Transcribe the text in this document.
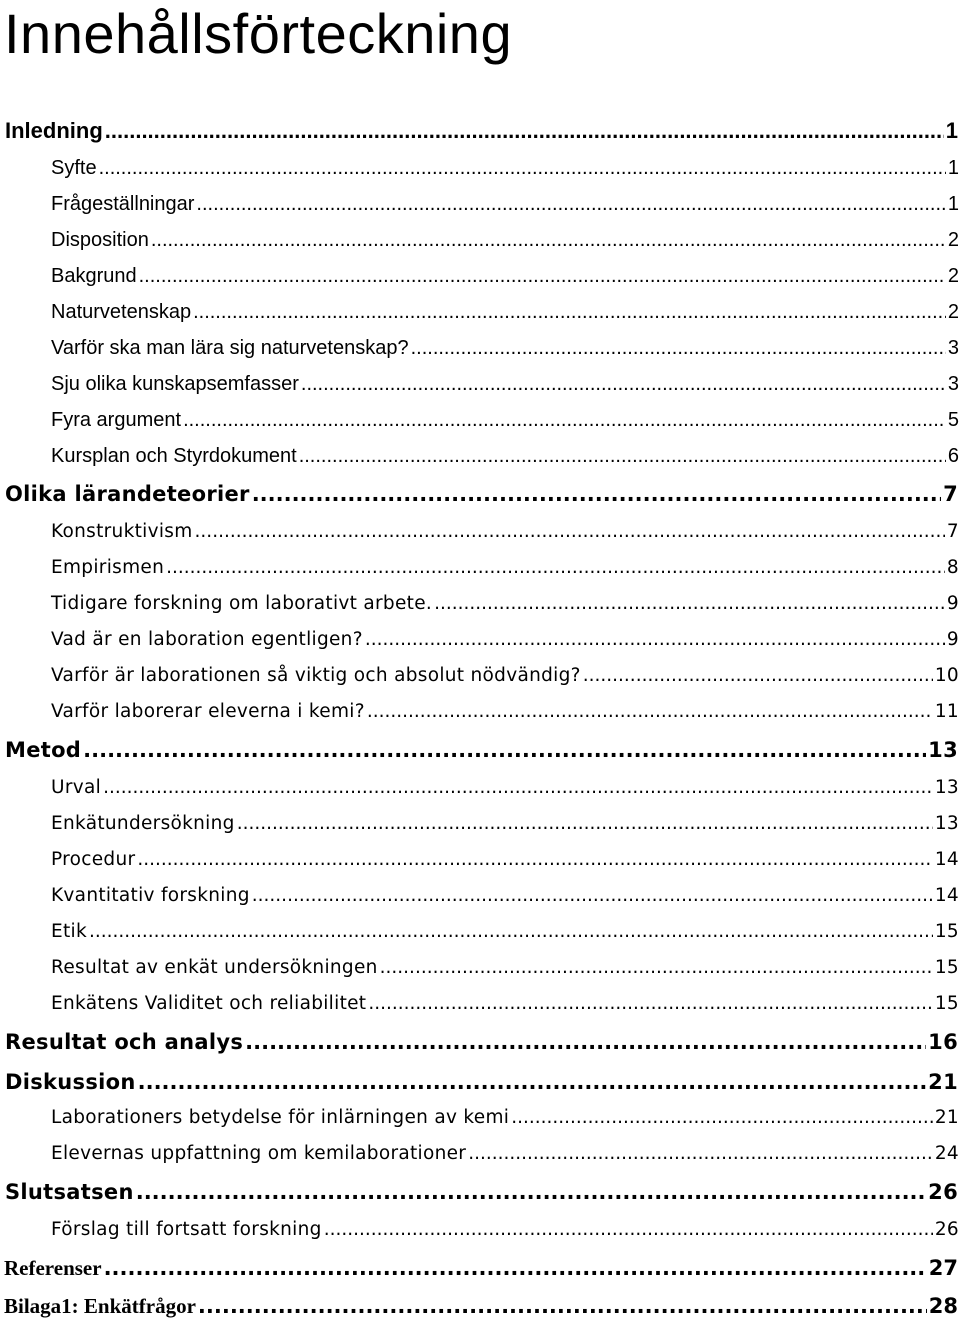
Innehållsförteckning
Inledning .....	1
Syfte .....	1
Frågeställningar .....	1
Disposition .....	2
Bakgrund .....	2
Naturvetenskap .....	2
Varför ska man lära sig naturvetenskap? .....	3
Sju olika kunskapsemfasser .....	3
Fyra argument .....	5
Kursplan och Styrdokument .....	6
Olika lärandeteorier .....	7
Konstruktivism .....	7
Empirismen .....	8
Tidigare forskning om laborativt arbete. .....	9
Vad är en laboration egentligen? .....	9
Varför är laborationen så viktig och absolut nödvändig? .....	10
Varför laborerar eleverna i kemi? .....	11
Metod .....	13
Urval .....	13
Enkätundersökning .....	13
Procedur .....	14
Kvantitativ forskning .....	14
Etik .....	15
Resultat av enkät undersökningen .....	15
Enkätens Validitet och reliabilitet .....	15
Resultat och analys .....	16
Diskussion .....	21
Laborationers betydelse för inlärningen av kemi .....	21
Elevernas uppfattning om kemilaborationer .....	24
Slutsatsen .....	26
Förslag till fortsatt forskning .....	26
Referenser .....	27
Bilaga1: Enkätfrågor .....	28
